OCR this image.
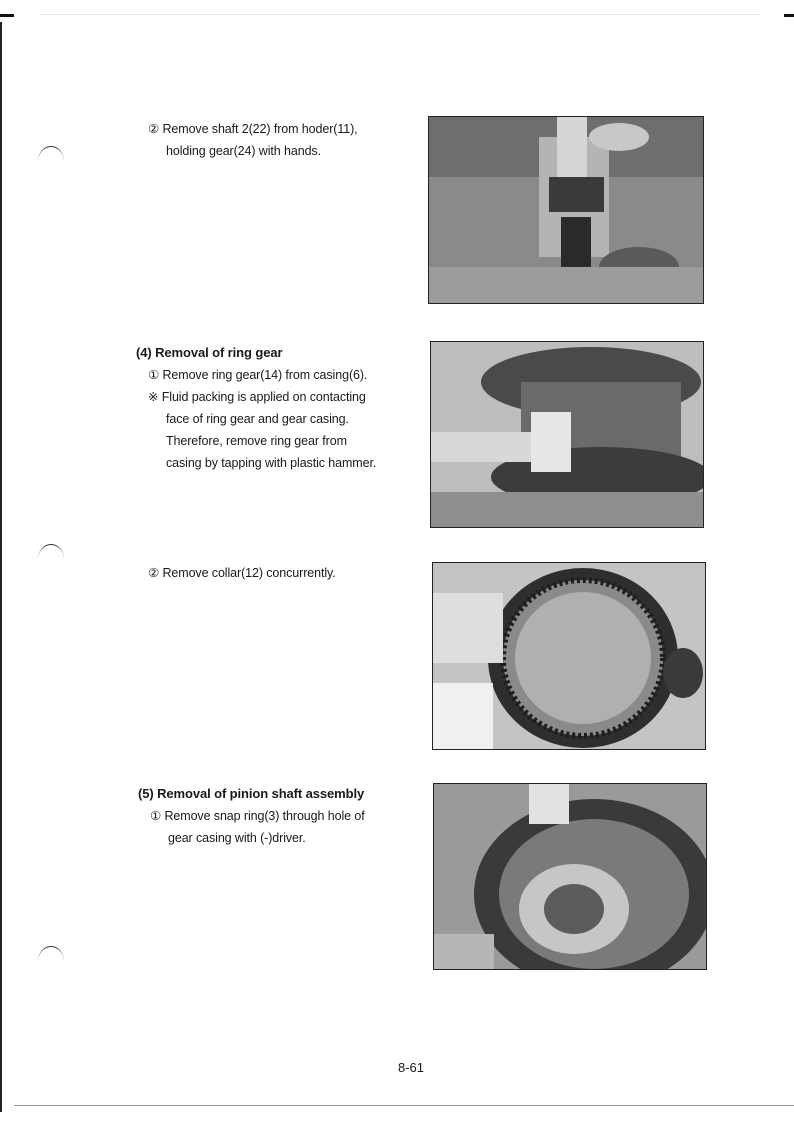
② Remove shaft 2(22) from hoder(11),
holding gear(24) with hands.
(4) Removal of ring gear
① Remove ring gear(14) from casing(6).
※ Fluid packing is applied on contacting
face of ring gear and gear casing.
Therefore, remove ring gear from
casing by tapping with plastic hammer.
② Remove collar(12) concurrently.
(5) Removal of pinion shaft assembly
① Remove snap ring(3) through hole of
gear casing with (-)driver.
8-61
